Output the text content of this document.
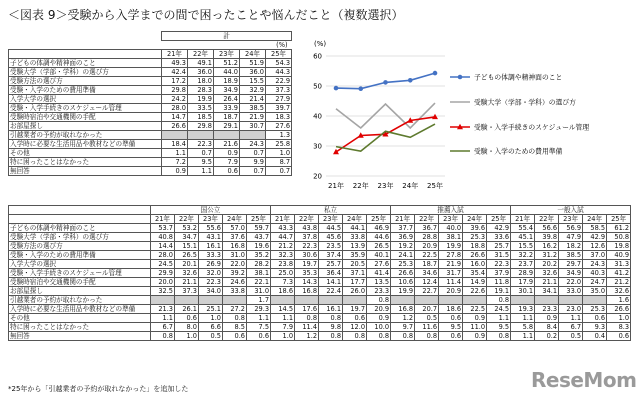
＜図表 9＞受験から入学までの間で困ったことや悩んだこと（複数選択）
	計				
	(%)				
	21年	22年	23年	24年	25年
子どもの体調や精神面のこと	49.3	49.1	51.2	51.9	54.3
受験大学（学部・学科）の選び方	42.4	36.0	44.0	36.0	44.3
受験方法の選び方	17.2	18.0	18.9	15.5	22.9
受験・入学のための費用準備	29.8	28.3	34.9	32.9	37.3
入学大学の選択	24.2	19.9	26.4	21.4	27.9
受験・入学手続きのスケジュール管理	28.0	33.5	33.9	38.5	39.7
受験時宿泊や交通機関の手配	14.7	18.5	18.7	21.9	18.3
お部屋探し	26.6	29.8	29.1	30.7	27.6
引越業者の予約が取れなかった					1.3
入学時に必要な生活用品や教材などの準備	18.4	22.3	21.6	24.3	25.8
その他	1.1	0.7	0.9	0.7	1.0
特に困ったことはなかった	7.2	9.5	7.9	9.9	8.7
無回答	0.9	1.1	0.6	0.7	0.7
(%)
60
50
40
30
20
21年 22年 23年 24年 25年
子どもの体調や精神面のこと
受験大学（学部・学科）の選び方
受験・入学手続きのスケジュール管理
受験・入学のための費用準備
	国公立					私立					推薦入試					一般入試				
	21年	22年	23年	24年	25年	21年	22年	23年	24年	25年	21年	22年	23年	24年	25年	21年	22年	23年	24年	25年
子どもの体調や精神面のこと	53.7	53.2	55.6	57.0	59.7	43.3	43.8	44.5	44.1	46.9	37.7	36.7	40.0	39.6	42.9	55.4	56.6	56.9	58.5	61.2
受験大学（学部・学科）の選び方	40.8	34.7	43.1	37.6	43.7	44.7	37.8	45.6	33.8	44.6	36.9	28.8	38.1	25.3	33.6	45.1	39.8	47.9	42.9	50.8
受験方法の選び方	14.4	15.1	16.1	16.8	19.6	21.2	22.3	23.5	13.9	26.5	19.2	20.9	19.9	18.8	25.7	15.5	16.2	18.2	12.6	19.8
受験・入学のための費用準備	28.0	26.5	33.3	31.0	35.2	32.3	30.6	37.4	35.9	40.1	24.1	22.5	27.8	26.6	31.5	32.2	31.2	38.5	37.0	40.9
入学大学の選択	24.5	20.1	26.9	22.0	28.2	23.8	19.7	25.7	20.5	27.6	25.3	18.7	21.9	16.0	22.3	23.7	20.2	29.7	24.3	31.3
受験・入学手続きのスケジュール管理	29.9	32.6	32.0	39.2	38.1	25.0	35.3	36.4	37.1	41.4	26.6	34.6	31.7	35.4	37.9	28.9	32.6	34.9	40.3	41.2
受験時宿泊や交通機関の手配	20.0	21.1	22.3	24.6	22.1	7.3	14.3	14.1	17.7	13.5	10.6	12.4	11.4	14.9	11.8	17.9	21.1	22.0	24.7	21.2
お部屋探し	32.5	37.3	34.0	33.8	31.0	18.6	16.8	22.4	26.0	23.3	19.9	22.7	20.9	22.6	19.1	30.1	34.1	33.0	35.0	32.6
引越業者の予約が取れなかった					1.7					0.8					0.8					1.6
入学時に必要な生活用品や教材などの準備	21.3	26.1	25.1	27.2	29.3	14.5	17.6	16.1	19.7	20.9	16.8	20.7	18.6	22.5	24.5	19.3	23.3	23.0	25.3	26.6
その他	1.1	0.6	1.0	0.8	1.1	1.1	0.8	0.8	0.6	0.9	1.2	0.5	0.6	0.9	1.1	1.1	0.9	1.1	0.6	1.0
特に困ったことはなかった	6.7	8.0	6.6	8.5	7.5	7.9	11.4	9.8	12.0	10.0	9.7	11.6	9.5	11.0	9.5	5.8	8.4	6.7	9.3	8.3
無回答	0.8	1.0	0.5	0.6	0.6	1.0	1.2	0.8	0.8	0.8	0.8	0.8	0.6	0.9	0.8	1.1	0.2	0.5	0.4	0.6
*25年から「引越業者の予約が取れなかった」を追加した	ReseMom
